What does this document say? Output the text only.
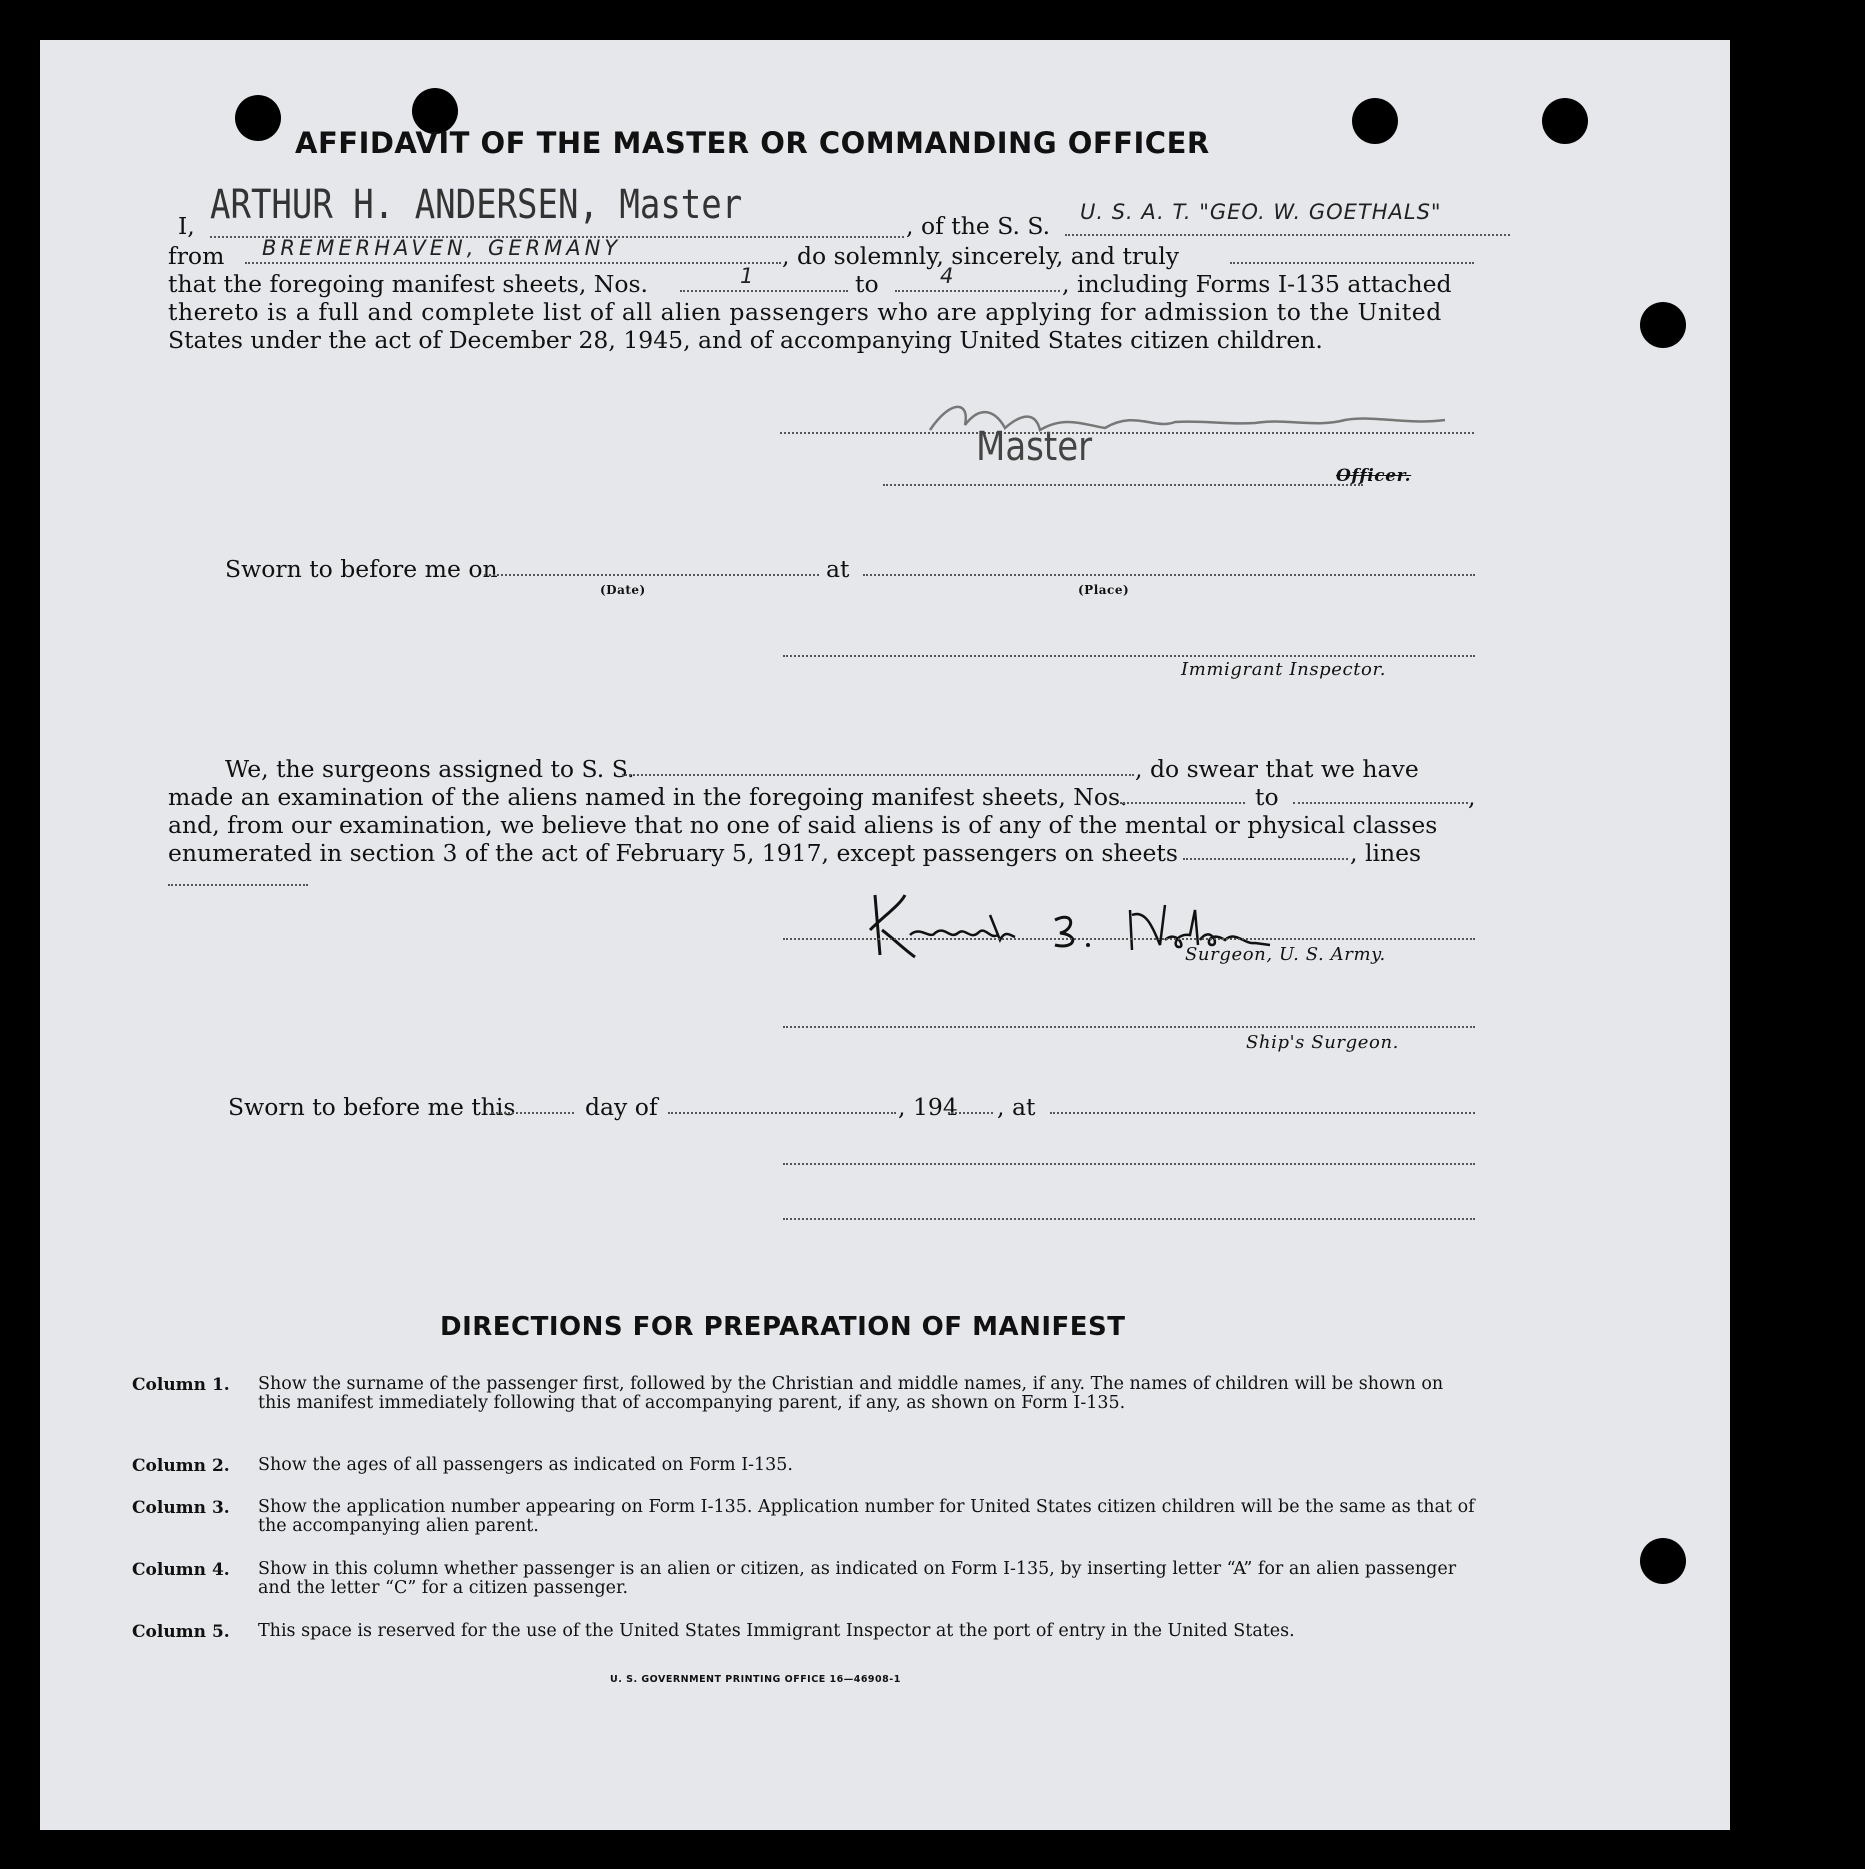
AFFIDAVIT OF THE MASTER OR COMMANDING OFFICER
I, ARTHUR H. ANDERSEN, Master	, of the S. S. U. S. A. T. "GEO. W. GOETHALS"
from BREMERHAVEN, GERMANY	, do solemnly, sincerely, and truly
that the foregoing manifest sheets, Nos.	1	to	4	, including Forms I-135 attached
thereto is a full and complete list of all alien passengers who are applying for admission to the United
States under the act of December 28, 1945, and of accompanying United States citizen children.
Master
Officer.
Sworn to before me on
(Date)
at
(Place)
Immigrant Inspector.
We, the surgeons assigned to S. S.	, do swear that we have
made an examination of the aliens named in the foregoing manifest sheets, Nos.	to	,
and, from our examination, we believe that no one of said aliens is of any of the mental or physical classes
enumerated in section 3 of the act of February 5, 1917, except passengers on sheets	, lines
Surgeon, U. S. Army.
Ship's Surgeon.
Sworn to before me this	day of	, 194 , at
DIRECTIONS FOR PREPARATION OF MANIFEST
Column 1. Show the surname of the passenger first, followed by the Christian and middle names, if any. The names of children will be shown on this manifest immediately following that of accompanying parent, if any, as shown on Form I-135.
Column 2. Show the ages of all passengers as indicated on Form I-135.
Column 3. Show the application number appearing on Form I-135. Application number for United States citizen children will be the same as that of the accompanying alien parent.
Column 4. Show in this column whether passenger is an alien or citizen, as indicated on Form I-135, by inserting letter “A” for an alien passenger and the letter “C” for a citizen passenger.
Column 5. This space is reserved for the use of the United States Immigrant Inspector at the port of entry in the United States.
U. S. GOVERNMENT PRINTING OFFICE 16—46908-1
